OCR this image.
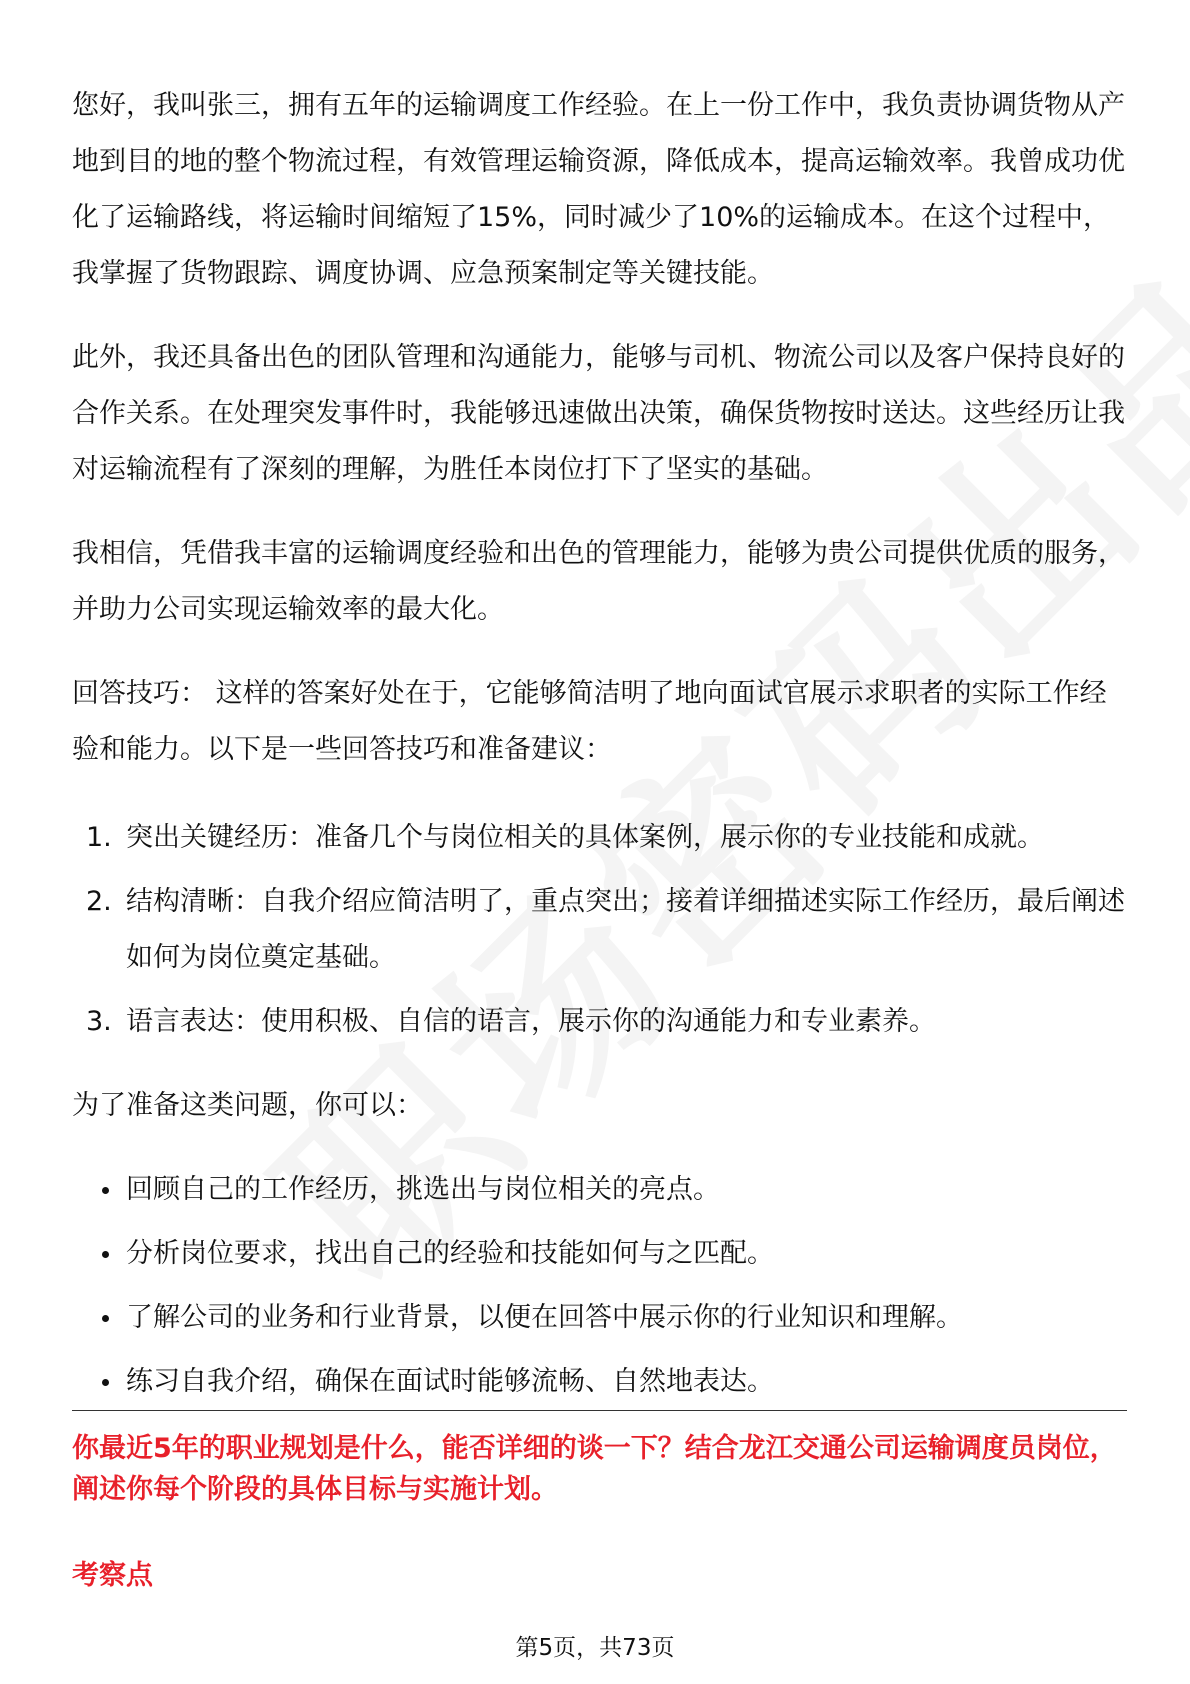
您好，我叫张三，拥有五年的运输调度工作经验。在上一份工作中，我负责协调货物从产地到目的地的整个物流过程，有效管理运输资源，降低成本，提高运输效率。我曾成功优化了运输路线，将运输时间缩短了15%，同时减少了10%的运输成本。在这个过程中，我掌握了货物跟踪、调度协调、应急预案制定等关键技能。

此外，我还具备出色的团队管理和沟通能力，能够与司机、物流公司以及客户保持良好的合作关系。在处理突发事件时，我能够迅速做出决策，确保货物按时送达。这些经历让我对运输流程有了深刻的理解，为胜任本岗位打下了坚实的基础。

我相信，凭借我丰富的运输调度经验和出色的管理能力，能够为贵公司提供优质的服务，并助力公司实现运输效率的最大化。

回答技巧： 这样的答案好处在于，它能够简洁明了地向面试官展示求职者的实际工作经验和能力。以下是一些回答技巧和准备建议：

1. 突出关键经历：准备几个与岗位相关的具体案例，展示你的专业技能和成就。
2. 结构清晰：自我介绍应简洁明了，重点突出；接着详细描述实际工作经历，最后阐述如何为岗位奠定基础。
3. 语言表达：使用积极、自信的语言，展示你的沟通能力和专业素养。

为了准备这类问题，你可以：

回顾自己的工作经历，挑选出与岗位相关的亮点。
分析岗位要求，找出自己的经验和技能如何与之匹配。
了解公司的业务和行业背景，以便在回答中展示你的行业知识和理解。
练习自我介绍，确保在面试时能够流畅、自然地表达。
你最近5年的职业规划是什么，能否详细的谈一下？结合龙江交通公司运输调度员岗位，阐述你每个阶段的具体目标与实施计划。
考察点
第5页，共73页
